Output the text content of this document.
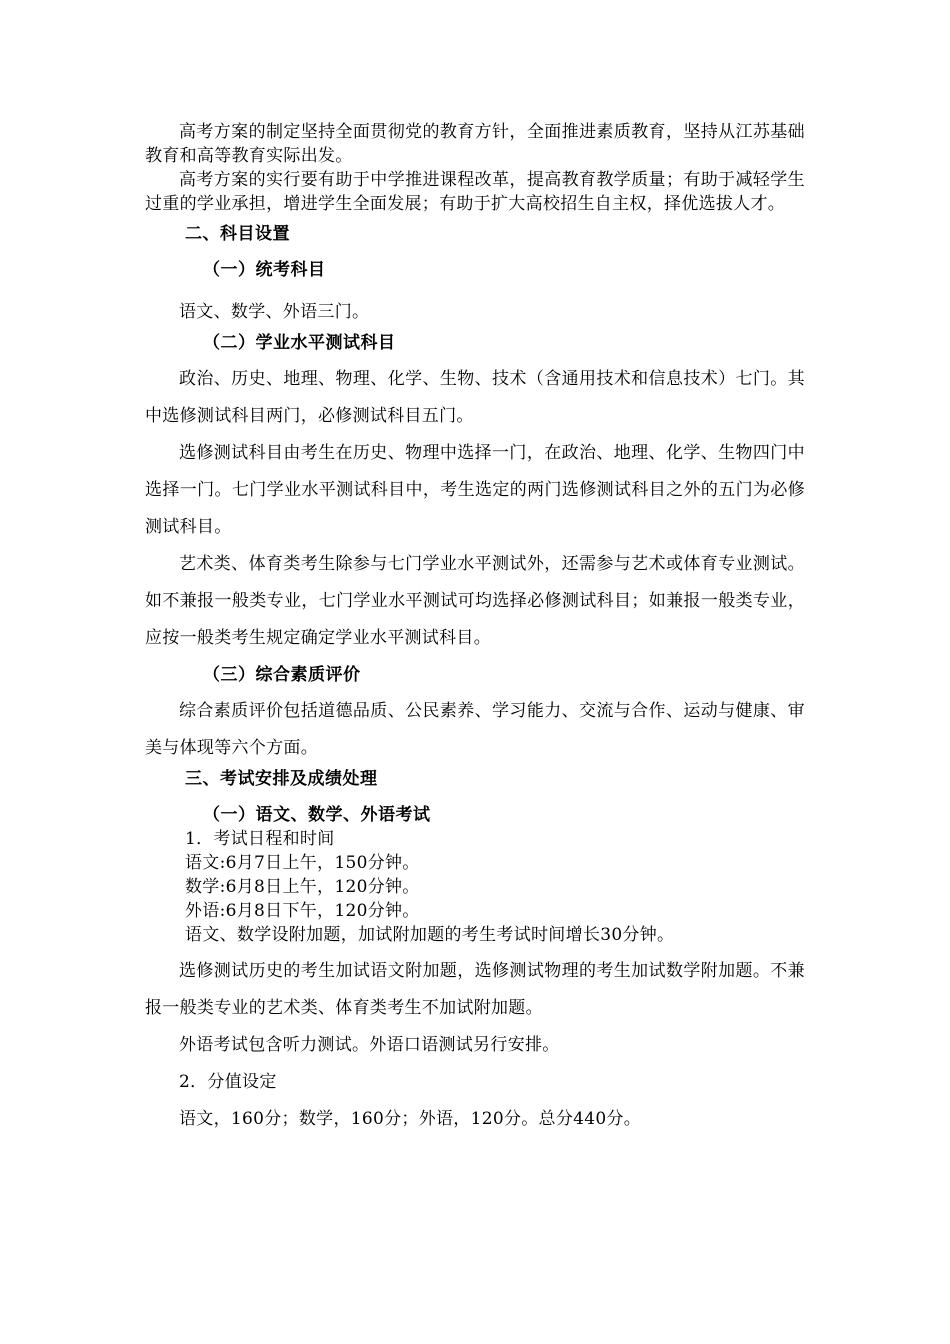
高考方案的制定坚持全面贯彻党的教育方针，全面推进素质教育，坚持从江苏基础教育和高等教育实际出发。

高考方案的实行要有助于中学推进课程改革，提高教育教学质量；有助于减轻学生过重的学业承担，增进学生全面发展；有助于扩大高校招生自主权，择优选拔人才。

二、科目设置

（一）统考科目

语文、数学、外语三门。

（二）学业水平测试科目

政治、历史、地理、物理、化学、生物、技术（含通用技术和信息技术）七门。其中选修测试科目两门，必修测试科目五门。

选修测试科目由考生在历史、物理中选择一门，在政治、地理、化学、生物四门中选择一门。七门学业水平测试科目中，考生选定的两门选修测试科目之外的五门为必修测试科目。

艺术类、体育类考生除参与七门学业水平测试外，还需参与艺术或体育专业测试。如不兼报一般类专业，七门学业水平测试可均选择必修测试科目；如兼报一般类专业，应按一般类考生规定确定学业水平测试科目。

（三）综合素质评价

综合素质评价包括道德品质、公民素养、学习能力、交流与合作、运动与健康、审美与体现等六个方面。

三、考试安排及成绩处理

（一）语文、数学、外语考试

1．考试日程和时间

语文:6月7日上午，150分钟。

数学:6月8日上午，120分钟。

外语:6月8日下午，120分钟。

语文、数学设附加题，加试附加题的考生考试时间增长30分钟。

选修测试历史的考生加试语文附加题，选修测试物理的考生加试数学附加题。不兼报一般类专业的艺术类、体育类考生不加试附加题。

外语考试包含听力测试。外语口语测试另行安排。

2．分值设定

语文，160分；数学，160分；外语，120分。总分440分。
